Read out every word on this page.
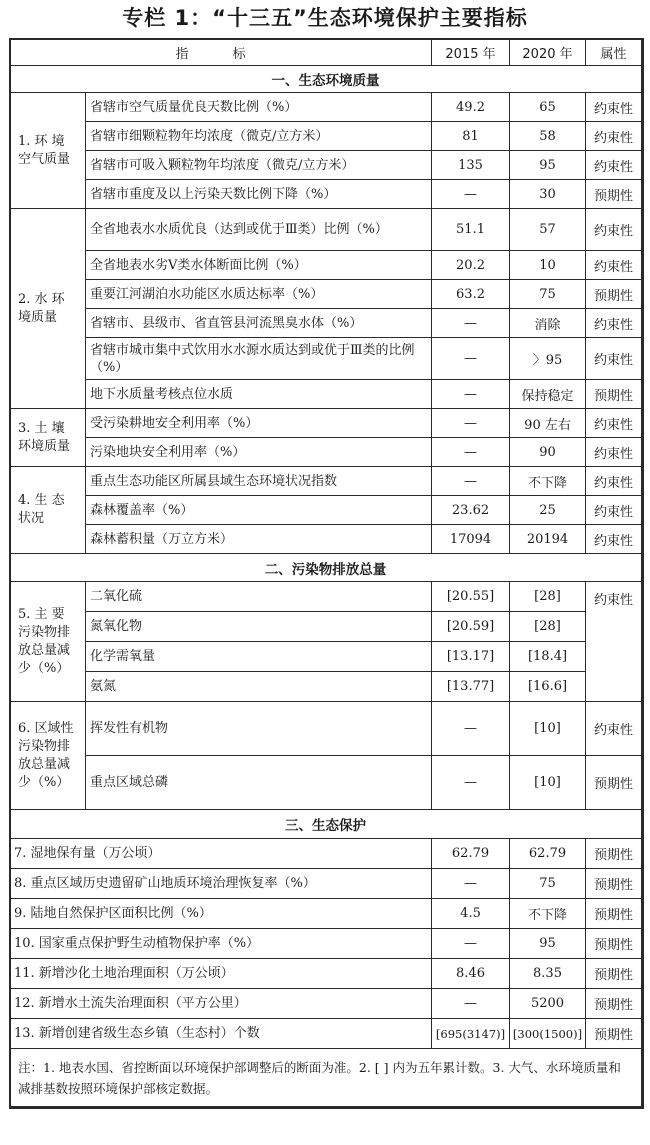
专栏 1：“十三五”生态环境保护主要指标
指 标		2015 年	2020 年	属性
一、生态环境质量				
1. 环 境 空气质量	省辖市空气质量优良天数比例（%）	49.2	65	约束性
	省辖市细颗粒物年均浓度（微克/立方米）	81	58	约束性
	省辖市可吸入颗粒物年均浓度（微克/立方米）	135	95	约束性
	省辖市重度及以上污染天数比例下降（%）	—	30	预期性
2. 水 环 境质量	全省地表水水质优良（达到或优于Ⅲ类）比例（%）	51.1	57	约束性
	全省地表水劣Ⅴ类水体断面比例（%）	20.2	10	约束性
	重要江河湖泊水功能区水质达标率（%）	63.2	75	预期性
	省辖市、县级市、省直管县河流黑臭水体（%）	—	消除	约束性
	省辖市城市集中式饮用水水源水质达到或优于Ⅲ类的比例（%）	—	〉95	约束性
	地下水质量考核点位水质	—	保持稳定	预期性
3. 土 壤 环境质量	受污染耕地安全利用率（%）	—	90 左右	约束性
	污染地块安全利用率（%）	—	90	约束性
4. 生 态 状况	重点生态功能区所属县域生态环境状况指数	—	不下降	约束性
	森林覆盖率（%）	23.62	25	约束性
	森林蓄积量（万立方米）	17094	20194	约束性
二、污染物排放总量				
5. 主 要 污染物排 放总量减 少（%）	二氧化硫	[20.55]	[28]	约束性
	氮氧化物	[20.59]	[28]	
	化学需氧量	[13.17]	[18.4]	
	氨氮	[13.77]	[16.6]	
6. 区域性 污染物排 放总量减 少（%）	挥发性有机物	—	[10]	约束性
	重点区域总磷	—	[10]	预期性
三、生态保护				
7. 湿地保有量（万公顷）		62.79	62.79	预期性
8. 重点区域历史遗留矿山地质环境治理恢复率（%）		—	75	预期性
9. 陆地自然保护区面积比例（%）		4.5	不下降	预期性
10. 国家重点保护野生动植物保护率（%）		—	95	预期性
11. 新增沙化土地治理面积（万公顷）		8.46	8.35	预期性
12. 新增水土流失治理面积（平方公里）		—	5200	预期性
13. 新增创建省级生态乡镇（生态村）个数		[695(3147)]	[300(1500)]	预期性
注：1. 地表水国、省控断面以环境保护部调整后的断面为准。2. [ ] 内为五年累计数。3. 大气、水环境质量和减排基数按照环境保护部核定数据。				
